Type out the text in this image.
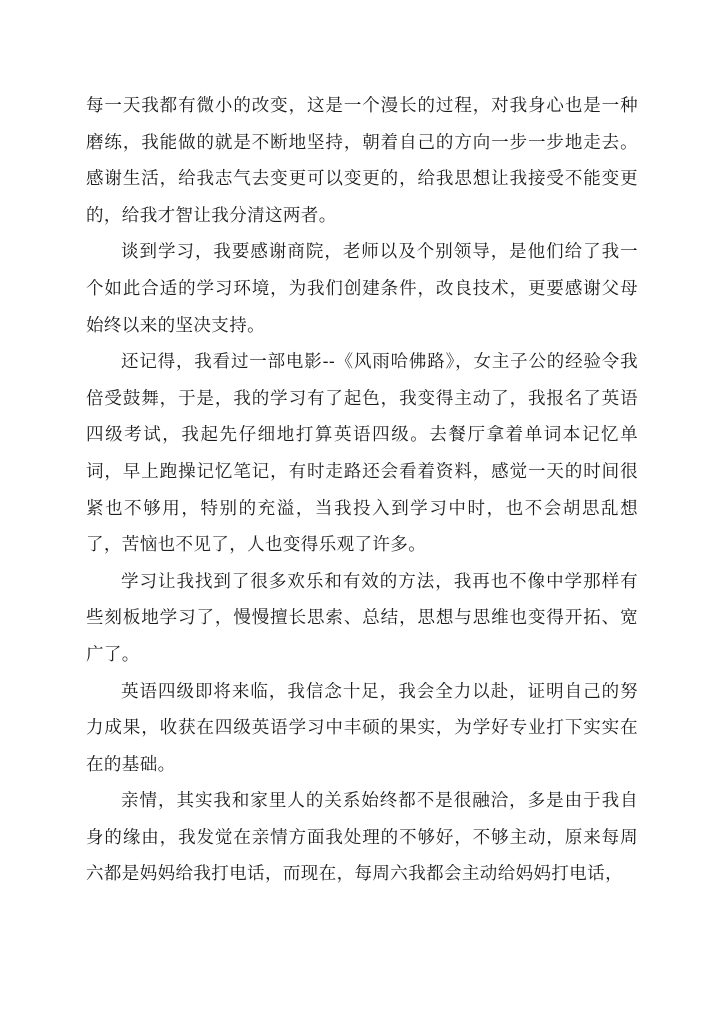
每一天我都有微小的改变，这是一个漫长的过程，对我身心也是一种磨练，我能做的就是不断地坚持，朝着自己的方向一步一步地走去。感谢生活，给我志气去变更可以变更的，给我思想让我接受不能变更的，给我才智让我分清这两者。

谈到学习，我要感谢商院，老师以及个别领导，是他们给了我一个如此合适的学习环境，为我们创建条件，改良技术，更要感谢父母始终以来的坚决支持。

还记得，我看过一部电影--《风雨哈佛路》，女主子公的经验令我倍受鼓舞，于是，我的学习有了起色，我变得主动了，我报名了英语四级考试，我起先仔细地打算英语四级。去餐厅拿着单词本记忆单词，早上跑操记忆笔记，有时走路还会看着资料，感觉一天的时间很紧也不够用，特别的充溢，当我投入到学习中时，也不会胡思乱想了，苦恼也不见了，人也变得乐观了许多。

学习让我找到了很多欢乐和有效的方法，我再也不像中学那样有些刻板地学习了，慢慢擅长思索、总结，思想与思维也变得开拓、宽广了。

英语四级即将来临，我信念十足，我会全力以赴，证明自己的努力成果，收获在四级英语学习中丰硕的果实，为学好专业打下实实在在的基础。

亲情，其实我和家里人的关系始终都不是很融洽，多是由于我自身的缘由，我发觉在亲情方面我处理的不够好，不够主动，原来每周六都是妈妈给我打电话，而现在，每周六我都会主动给妈妈打电话，
